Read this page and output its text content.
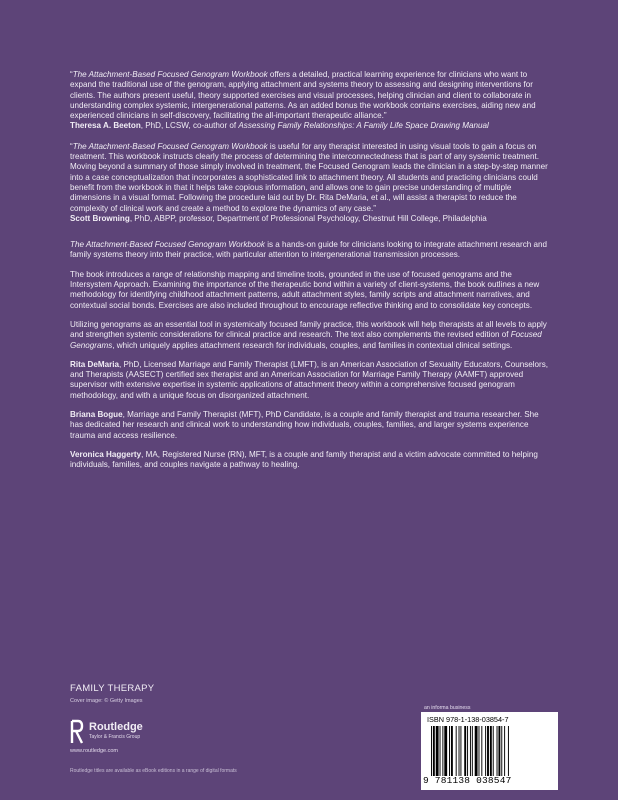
“The Attachment-Based Focused Genogram Workbook offers a detailed, practical learning experience for clinicians who want to expand the traditional use of the genogram, applying attachment and systems theory to assessing and designing interventions for clients. The authors present useful, theory supported exercises and visual processes, helping clinician and client to collaborate in understanding complex systemic, intergenerational patterns. As an added bonus the workbook contains exercises, aiding new and experienced clinicians in self-discovery, facilitating the all-important therapeutic alliance.”
Theresa A. Beeton, PhD, LCSW, co-author of Assessing Family Relationships: A Family Life Space Drawing Manual

“The Attachment-Based Focused Genogram Workbook is useful for any therapist interested in using visual tools to gain a focus on treatment. This workbook instructs clearly the process of determining the interconnectedness that is part of any systemic treatment. Moving beyond a summary of those simply involved in treatment, the Focused Genogram leads the clinician in a step-by-step manner into a case conceptualization that incorporates a sophisticated link to attachment theory. All students and practicing clinicians could benefit from the workbook in that it helps take copious information, and allows one to gain precise understanding of multiple dimensions in a visual format. Following the procedure laid out by Dr. Rita DeMaria, et al., will assist a therapist to reduce the complexity of clinical work and create a method to explore the dynamics of any case.”
Scott Browning, PhD, ABPP, professor, Department of Professional Psychology, Chestnut Hill College, Philadelphia

The Attachment-Based Focused Genogram Workbook is a hands-on guide for clinicians looking to integrate attachment research and family systems theory into their practice, with particular attention to intergenerational transmission processes.

The book introduces a range of relationship mapping and timeline tools, grounded in the use of focused genograms and the Intersystem Approach. Examining the importance of the therapeutic bond within a variety of client-systems, the book outlines a new methodology for identifying childhood attachment patterns, adult attachment styles, family scripts and attachment narratives, and contextual social bonds. Exercises are also included throughout to encourage reflective thinking and to consolidate key concepts.

Utilizing genograms as an essential tool in systemically focused family practice, this workbook will help therapists at all levels to apply and strengthen systemic considerations for clinical practice and research. The text also complements the revised edition of Focused Genograms, which uniquely applies attachment research for individuals, couples, and families in contextual clinical settings.

Rita DeMaria, PhD, Licensed Marriage and Family Therapist (LMFT), is an American Association of Sexuality Educators, Counselors, and Therapists (AASECT) certified sex therapist and an American Association for Marriage Family Therapy (AAMFT) approved supervisor with extensive expertise in systemic applications of attachment theory within a comprehensive focused genogram methodology, and with a unique focus on disorganized attachment.

Briana Bogue, Marriage and Family Therapist (MFT), PhD Candidate, is a couple and family therapist and trauma researcher. She has dedicated her research and clinical work to understanding how individuals, couples, families, and larger systems experience trauma and access resilience.

Veronica Haggerty, MA, Registered Nurse (RN), MFT, is a couple and family therapist and a victim advocate committed to helping individuals, families, and couples navigate a pathway to healing.

FAMILY THERAPY
Cover image: © Getty Images
Routledge
Taylor & Francis Group
www.routledge.com
Routledge titles are available as eBook editions in a range of digital formats
an informa business
ISBN 978-1-138-03854-7
9 781138 038547
